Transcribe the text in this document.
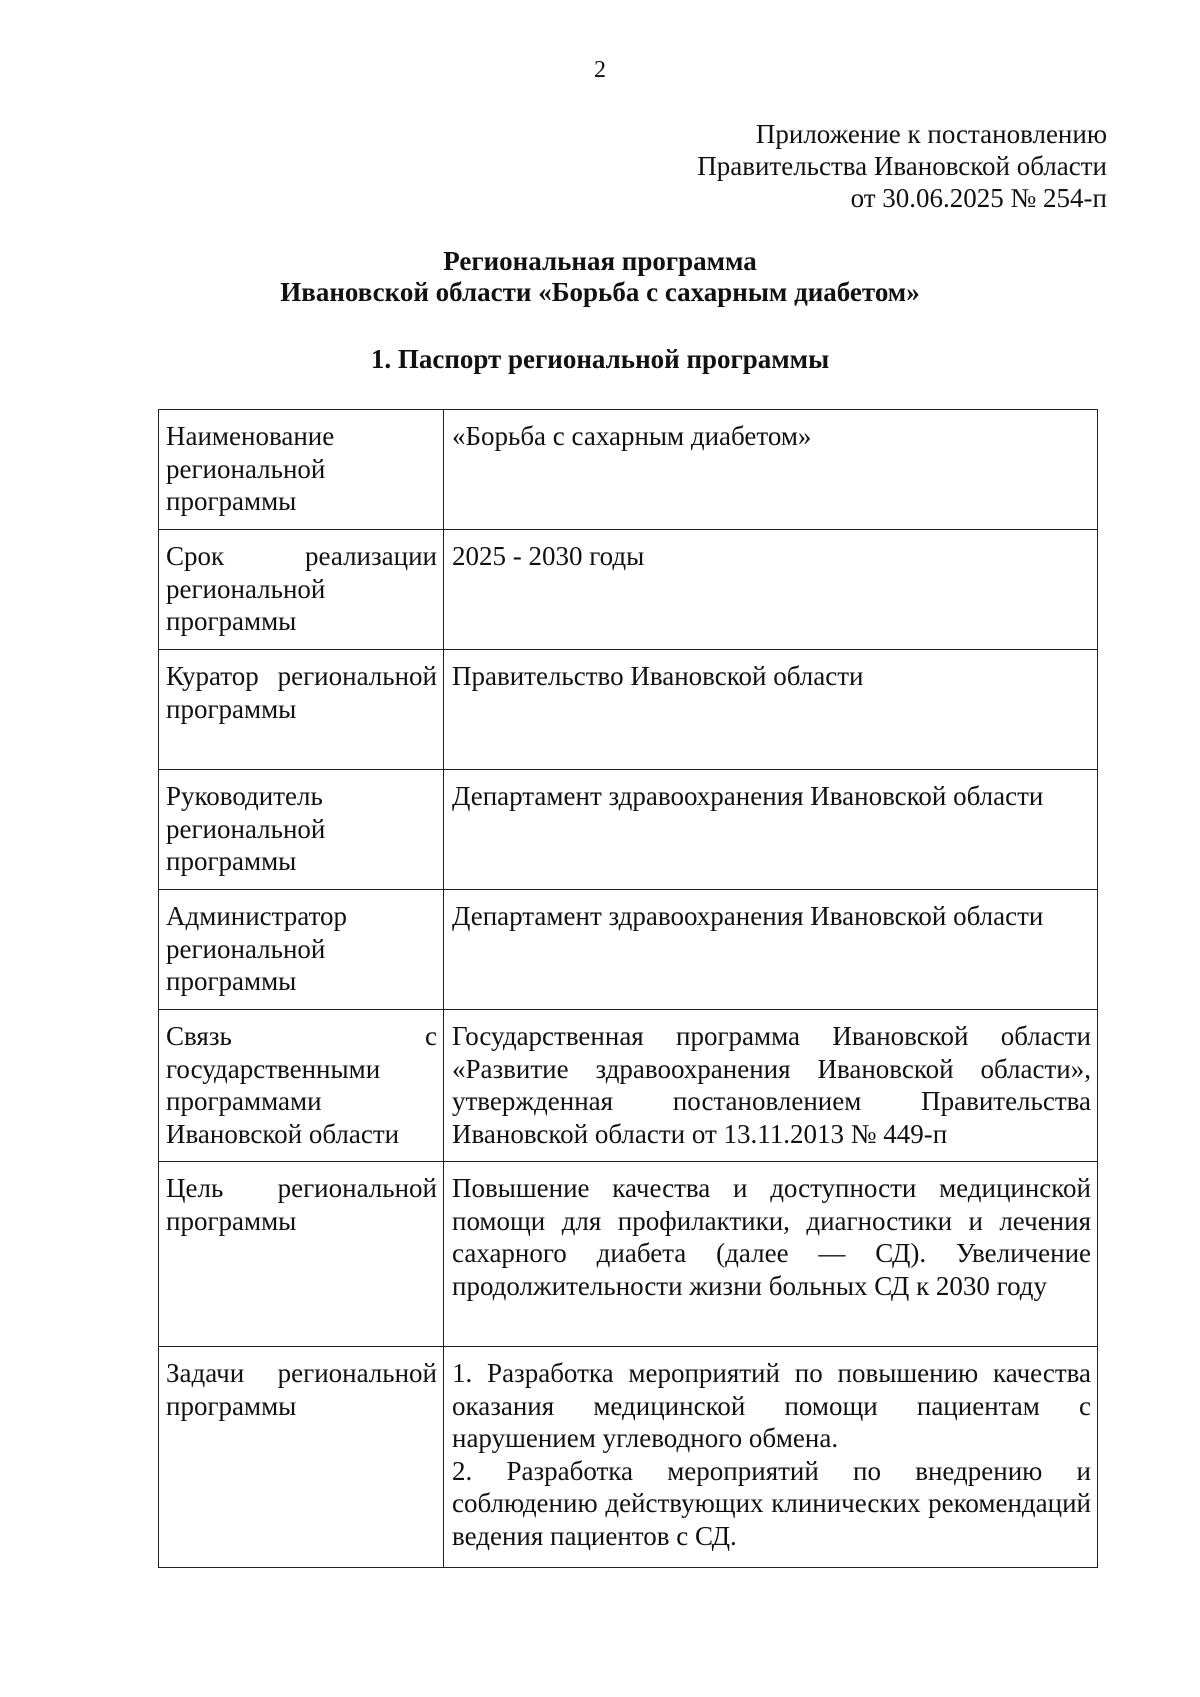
2
Приложение к постановлению
Правительства Ивановской области
от 30.06.2025 № 254-п
Региональная программа
Ивановской области «Борьба с сахарным диабетом»
1. Паспорт региональной программы
Наименование региональной программы	«Борьба с сахарным диабетом»
Срок реализации региональной программы	2025 - 2030 годы
Куратор региональной программы	Правительство Ивановской области
Руководитель региональной программы	Департамент здравоохранения Ивановской области
Администратор региональной программы	Департамент здравоохранения Ивановской области
Связь с государственными программами Ивановской области	Государственная программа Ивановской области «Развитие здравоохранения Ивановской области», утвержденная постановлением Правительства Ивановской области от 13.11.2013 № 449-п
Цель региональной программы	Повышение качества и доступности медицинской помощи для профилактики, диагностики и лечения сахарного диабета (далее — СД). Увеличение продолжительности жизни больных СД к 2030 году
Задачи региональной программы	1. Разработка мероприятий по повышению качества оказания медицинской помощи пациентам с нарушением углеводного обмена.
2. Разработка мероприятий по внедрению и соблюдению действующих клинических рекомендаций ведения пациентов с СД.
